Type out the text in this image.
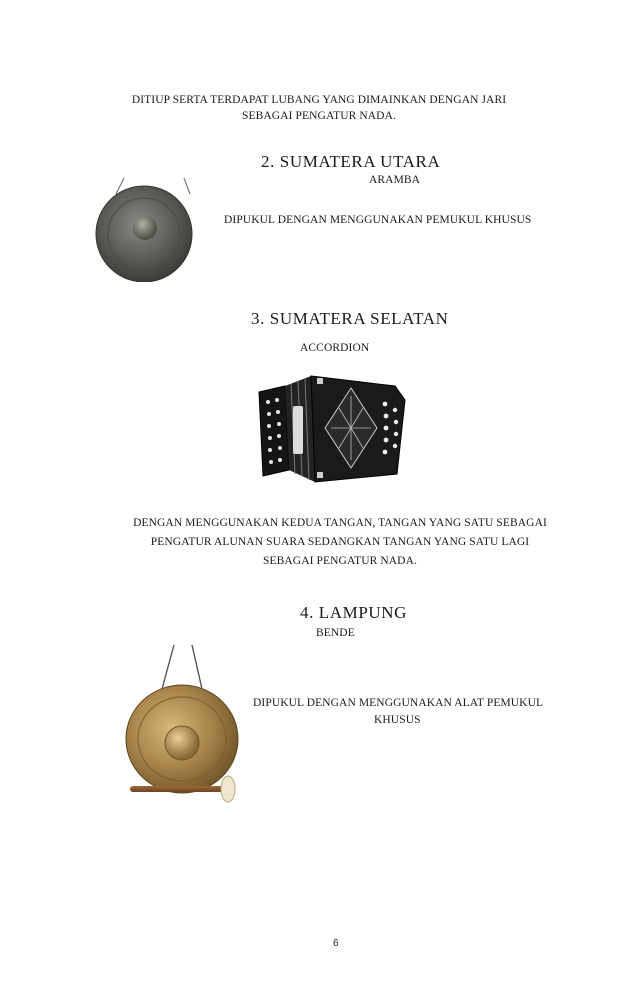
DITIUP SERTA TERDAPAT LUBANG YANG DIMAINKAN DENGAN JARI
SEBAGAI PENGATUR NADA.
2. SUMATERA UTARA
ARAMBA
DIPUKUL DENGAN MENGGUNAKAN PEMUKUL KHUSUS
3. SUMATERA SELATAN
ACCORDION
DENGAN MENGGUNAKAN KEDUA TANGAN, TANGAN YANG SATU SEBAGAI
PENGATUR ALUNAN SUARA SEDANGKAN TANGAN YANG SATU LAGI
SEBAGAI PENGATUR NADA.
4. LAMPUNG
BENDE
DIPUKUL DENGAN MENGGUNAKAN ALAT PEMUKUL
KHUSUS
6
